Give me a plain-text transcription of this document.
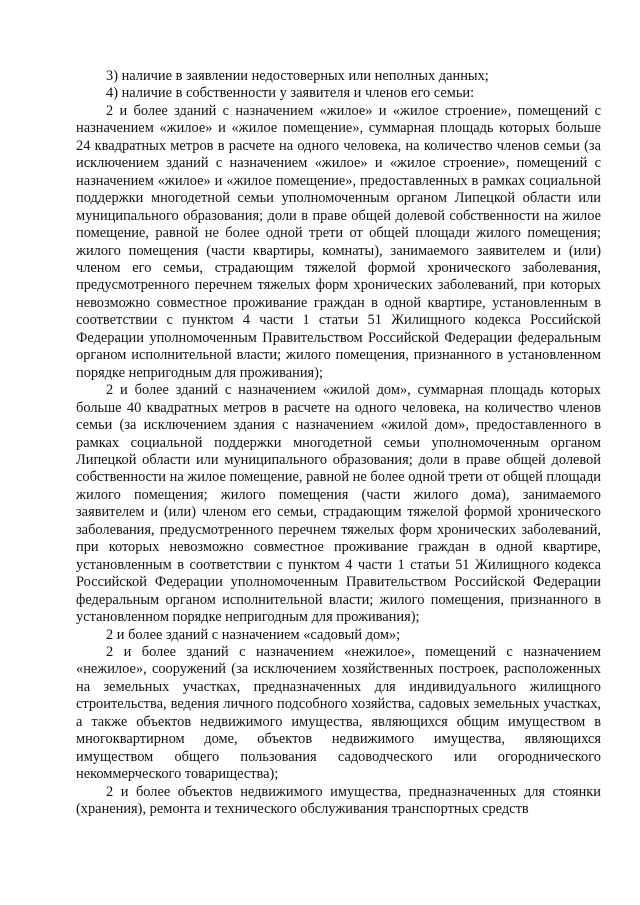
3) наличие в заявлении недостоверных или неполных данных;

4) наличие в собственности у заявителя и членов его семьи:

2 и более зданий с назначением «жилое» и «жилое строение», помещений с назначением «жилое» и «жилое помещение», суммарная площадь которых больше 24 квадратных метров в расчете на одного человека, на количество членов семьи (за исключением зданий с назначением «жилое» и «жилое строение», помещений с назначением «жилое» и «жилое помещение», предоставленных в рамках социальной поддержки многодетной семьи уполномоченным органом Липецкой области или муниципального образования; доли в праве общей долевой собственности на жилое помещение, равной не более одной трети от общей площади жилого помещения; жилого помещения (части квартиры, комнаты), занимаемого заявителем и (или) членом его семьи, страдающим тяжелой формой хронического заболевания, предусмотренного перечнем тяжелых форм хронических заболеваний, при которых невозможно совместное проживание граждан в одной квартире, установленным в соответствии с пунктом 4 части 1 статьи 51 Жилищного кодекса Российской Федерации уполномоченным Правительством Российской Федерации федеральным органом исполнительной власти; жилого помещения, признанного в установленном порядке непригодным для проживания);

2 и более зданий с назначением «жилой дом», суммарная площадь которых больше 40 квадратных метров в расчете на одного человека, на количество членов семьи (за исключением здания с назначением «жилой дом», предоставленного в рамках социальной поддержки многодетной семьи уполномоченным органом Липецкой области или муниципального образования; доли в праве общей долевой собственности на жилое помещение, равной не более одной трети от общей площади жилого помещения; жилого помещения (части жилого дома), занимаемого заявителем и (или) членом его семьи, страдающим тяжелой формой хронического заболевания, предусмотренного перечнем тяжелых форм хронических заболеваний, при которых невозможно совместное проживание граждан в одной квартире, установленным в соответствии с пунктом 4 части 1 статьи 51 Жилищного кодекса Российской Федерации уполномоченным Правительством Российской Федерации федеральным органом исполнительной власти; жилого помещения, признанного в установленном порядке непригодным для проживания);

2 и более зданий с назначением «садовый дом»;

2 и более зданий с назначением «нежилое», помещений с назначением «нежилое», сооружений (за исключением хозяйственных построек, расположенных на земельных участках, предназначенных для индивидуального жилищного строительства, ведения личного подсобного хозяйства, садовых земельных участках, а также объектов недвижимого имущества, являющихся общим имуществом в многоквартирном доме, объектов недвижимого имущества, являющихся имуществом общего пользования садоводческого или огороднического некоммерческого товарищества);

2 и более объектов недвижимого имущества, предназначенных для стоянки (хранения), ремонта и технического обслуживания транспортных средств
